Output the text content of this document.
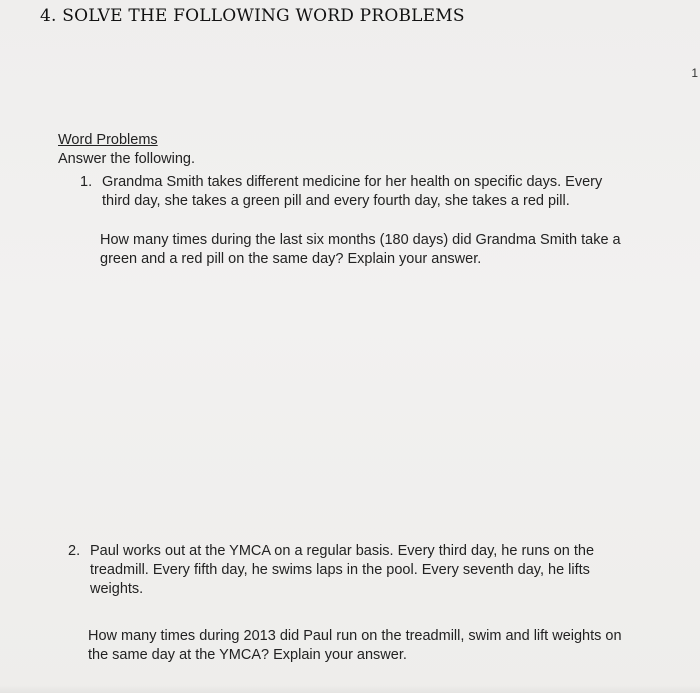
4. SOLVE THE FOLLOWING WORD PROBLEMS
1
Word Problems
Answer the following.
1. Grandma Smith takes different medicine for her health on specific days. Every third day, she takes a green pill and every fourth day, she takes a red pill.

How many times during the last six months (180 days) did Grandma Smith take a green and a red pill on the same day? Explain your answer.

2. Paul works out at the YMCA on a regular basis. Every third day, he runs on the treadmill. Every fifth day, he swims laps in the pool. Every seventh day, he lifts weights.

How many times during 2013 did Paul run on the treadmill, swim and lift weights on the same day at the YMCA? Explain your answer.
